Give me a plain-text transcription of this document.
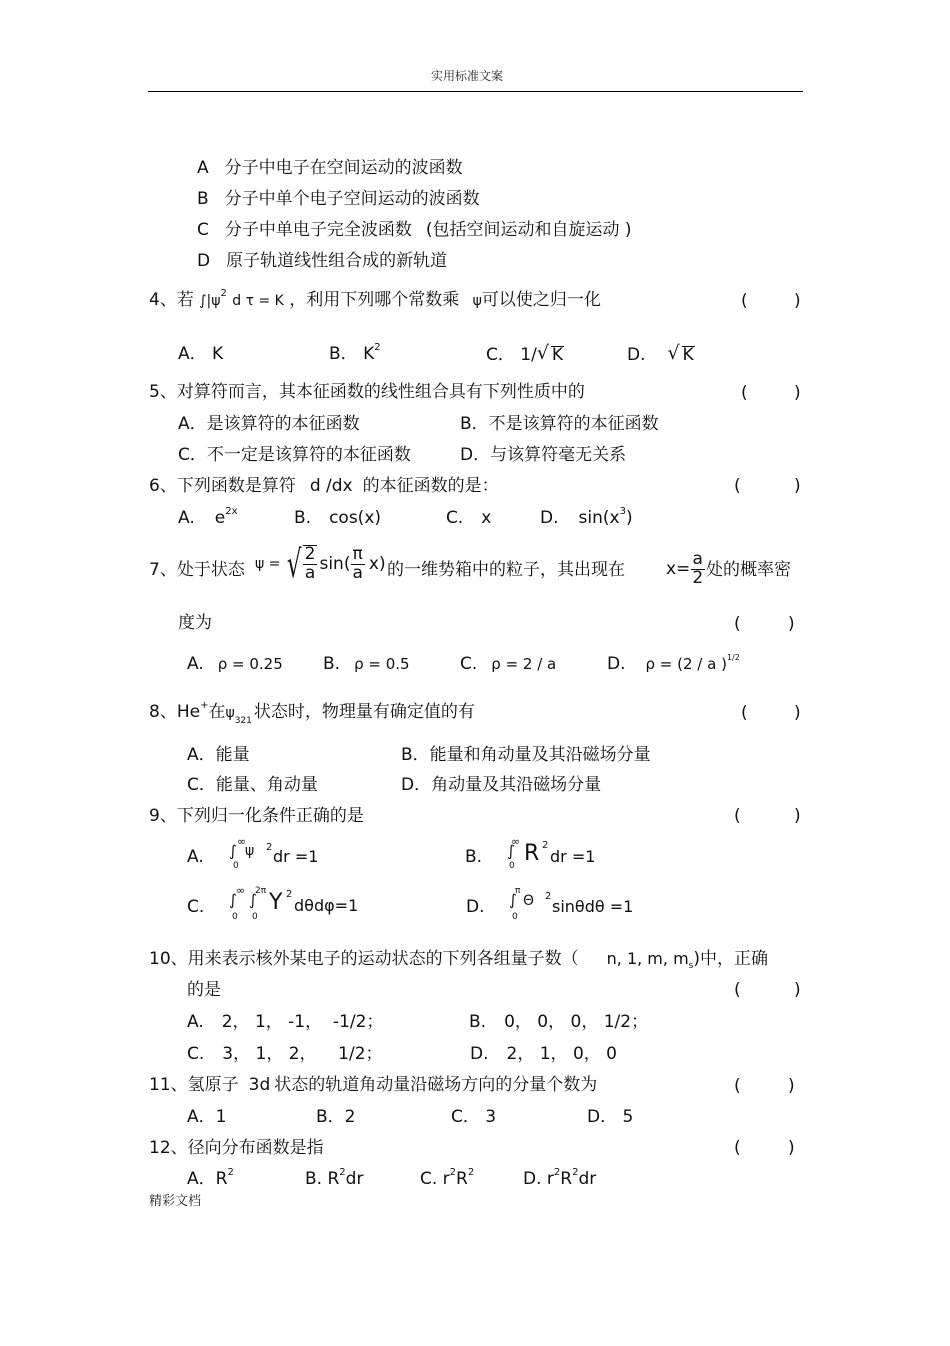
实用标准文案
A 分子中电子在空间运动的波函数
B 分子中单个电子空间运动的波函数
C 分子中单电子完全波函数 (包括空间运动和自旋运动 )
D 原子轨道线性组合成的新轨道
4、若 $\int|\psi^2$ d τ = K ，利用下列哪个常数乘 ψ可以使之归一化	(	)
A． K	B． $K^2$	C． 1/ √ K	D. √ K
5、对算符而言，其本征函数的线性组合具有下列性质中的	(	)
A．是该算符的本征函数	B．不是该算符的本征函数
C．不一定是该算符的本征函数	D．与该算符毫无关系
6、下列函数是算符 d /dx 的本征函数的是：	(	)
A. $e^{2x}$	B. cos(x)	C. x	D. $\sin(x^3)$
7、处于状态 ψ = √ $\frac{2}{a} \sin( \frac{\pi}{a} x)$ 的一维势箱中的粒子，其出现在 $x= \frac{a}{2}$ 处的概率密
度为	(	)
A. ρ = 0.25 B. ρ = 0.5	C. ρ = 2 / a	D. ρ = (2 / a )$^{1/2}$
8、He+在$\psi_{321}$ 状态时，物理量有确定值的有	(	)
A．能量	B．能量和角动量及其沿磁场分量
C．能量、角动量	D．角动量及其沿磁场分量
9、下列归一化条件正确的是	(	)
A. ∫
∞
0
ψ 2 dr =1	B. ∫
∞
0 R 2
dr =1
C. ∫
∞
0
∫
2π
0
Y 2
dθdφ=1	D. ∫
π
0
Θ 2
sinθdθ =1
10、用来表示核外某电子的运动状态的下列各组量子数（ n, 1, m, $m_s$)中，正确
的是	(	)
A. 2， 1， -1，  -1/2；	B. 0， 0， 0， 1/2；
C. 3， 1， 2，    1/2；	D. 2， 1， 0， 0
11、氢原子 3d 状态的轨道角动量沿磁场方向的分量个数为	(	)
A．1	B．2	C． 3	D． 5
12、径向分布函数是指	(	)
A．$R^2$	B. $R^2dr$	C. $r^2R^2$	D. $r^2R^2dr$
精彩文档
